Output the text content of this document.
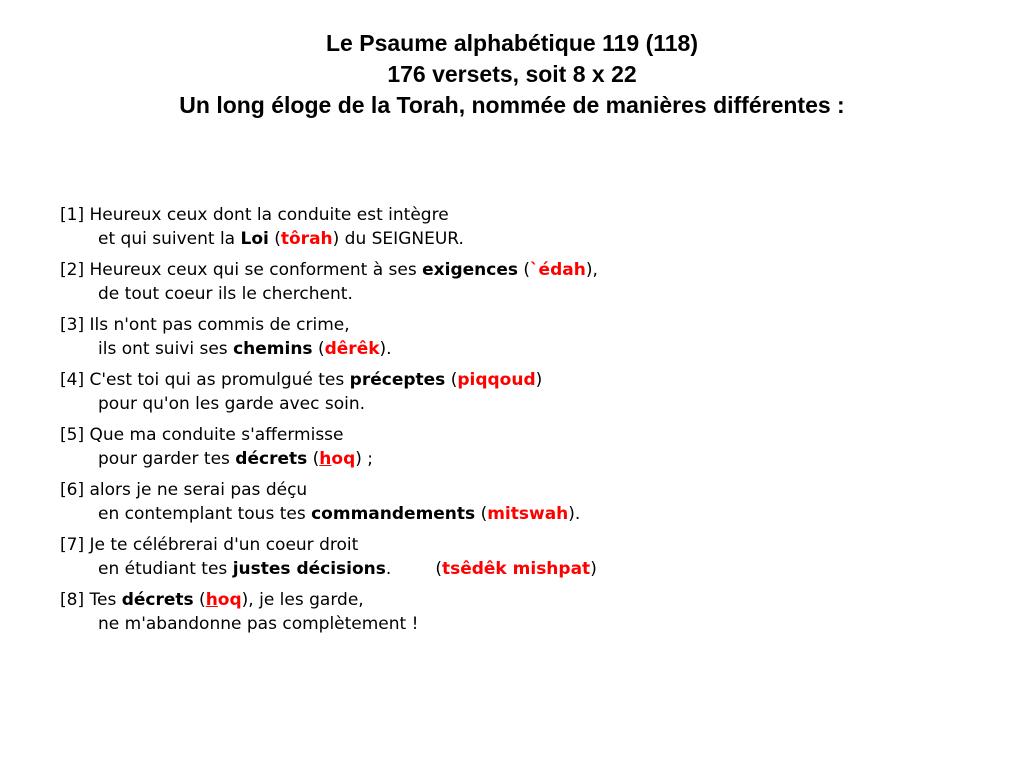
Le Psaume alphabétique 119 (118)
176 versets, soit 8 x 22
Un long éloge de la Torah, nommée de manières différentes :
[1] Heureux ceux dont la conduite est intègre
et qui suivent la Loi (tôrah) du SEIGNEUR.
[2] Heureux ceux qui se conforment à ses exigences (`édah),
de tout coeur ils le cherchent.
[3] Ils n'ont pas commis de crime,
ils ont suivi ses chemins (dêrêk).
[4] C'est toi qui as promulgué tes préceptes (piqqoud)
pour qu'on les garde avec soin.
[5] Que ma conduite s'affermisse
pour garder tes décrets (hoq) ;
[6] alors je ne serai pas déçu
en contemplant tous tes commandements (mitswah).
[7] Je te célébrerai d'un coeur droit
en étudiant tes justes décisions.	(tsêdêk mishpat)
[8] Tes décrets (hoq), je les garde,
ne m'abandonne pas complètement !
